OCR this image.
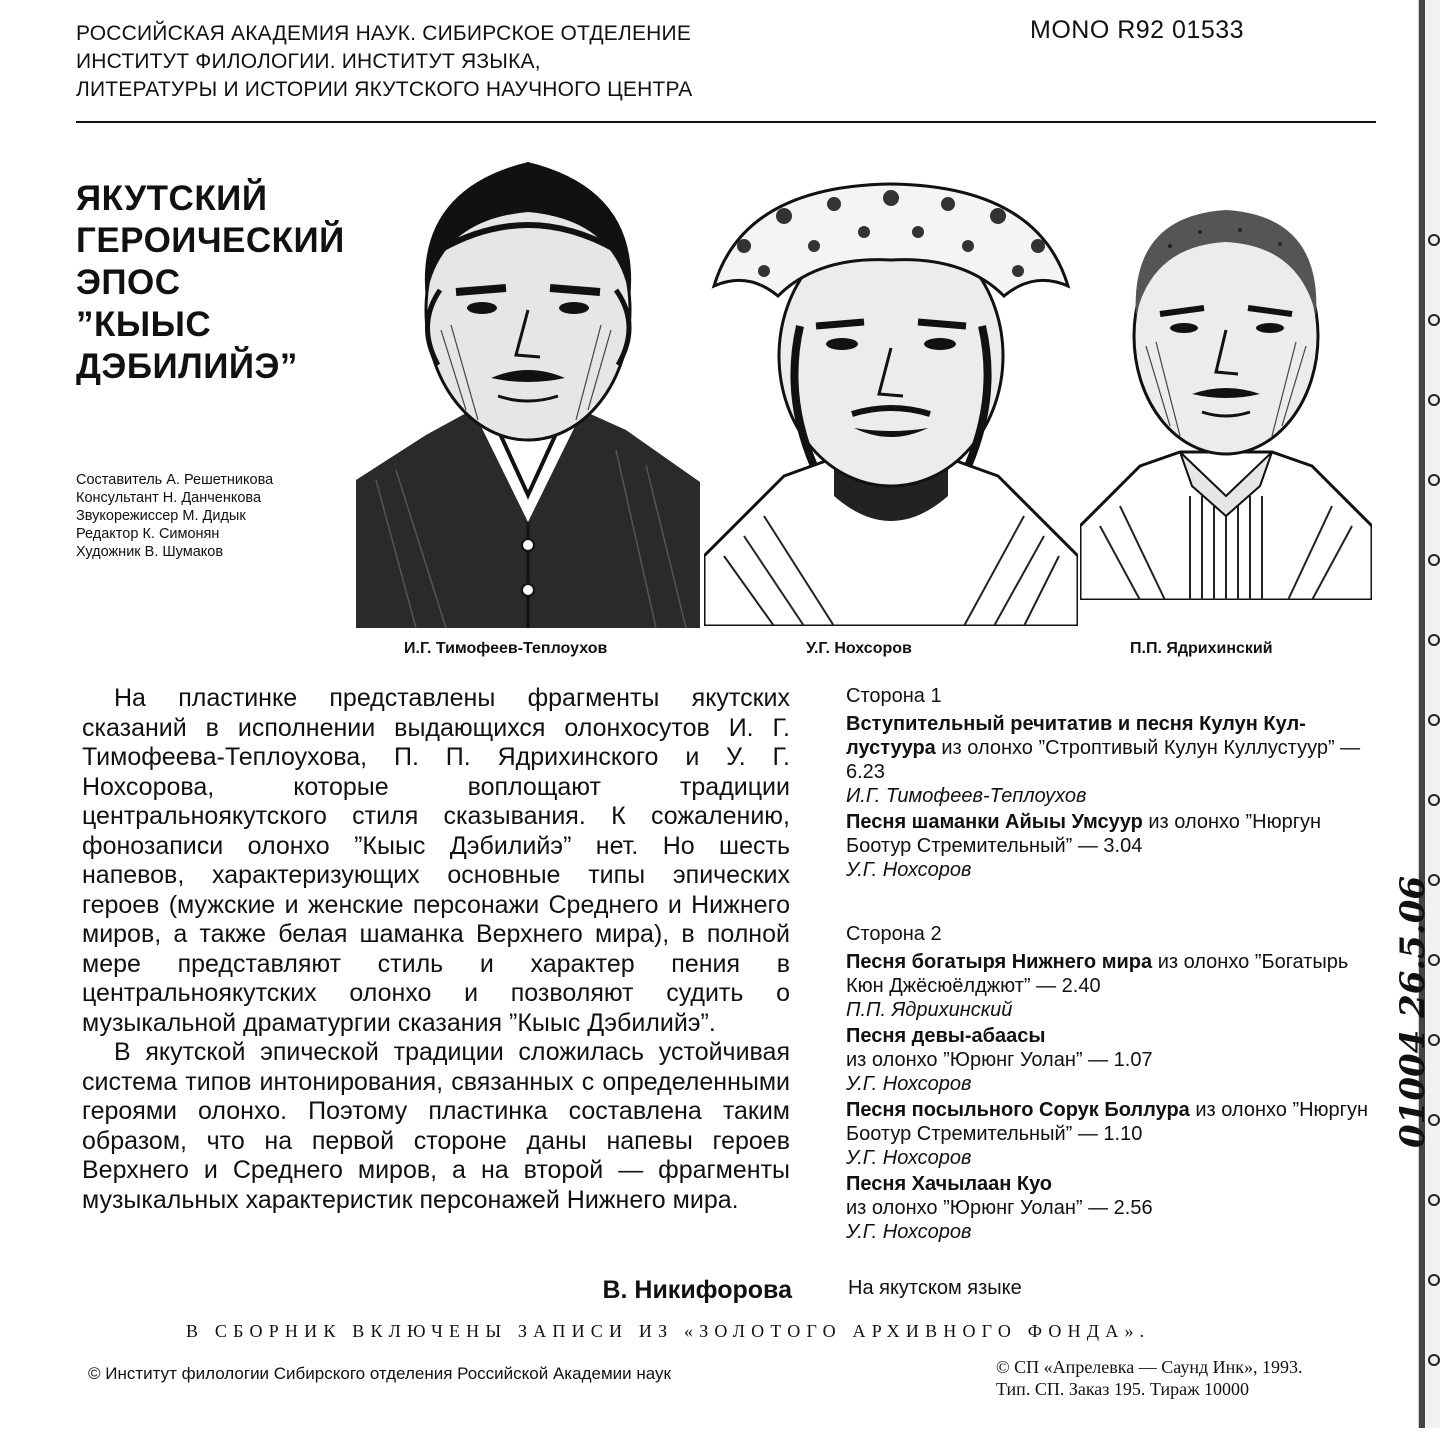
РОССИЙСКАЯ АКАДЕМИЯ НАУК. СИБИРСКОЕ ОТДЕЛЕНИЕ
ИНСТИТУТ ФИЛОЛОГИИ. ИНСТИТУТ ЯЗЫКА,
ЛИТЕРАТУРЫ И ИСТОРИИ ЯКУТСКОГО НАУЧНОГО ЦЕНТРА
MONO R92 01533
ЯКУТСКИЙ
ГЕРОИЧЕСКИЙ
ЭПОС
”КЫЫС
ДЭБИЛИЙЭ”
Составитель А. Решетникова
Консультант Н. Данченкова
Звукорежиссер М. Дидык
Редактор К. Симонян
Художник В. Шумаков
И.Г. Тимофеев-Теплоухов	У.Г. Нохсоров	П.П. Ядрихинский

На пластинке представлены фрагменты якутских сказаний в исполнении выдающихся олонхосутов И. Г. Тимофеева-Теплоухова, П. П. Ядрихинского и У. Г. Нохсорова, которые воплощают традиции центральноякутского стиля сказывания. К сожалению, фонозаписи олонхо ”Кыыс Дэбилийэ” нет. Но шесть напевов, характеризующих основные типы эпических героев (мужские и женские персонажи Среднего и Нижнего миров, а также белая шаманка Верхнего мира), в полной мере представляют стиль и характер пения в центральноякутских олонхо и позволяют судить о музыкальной драматургии сказания ”Кыыс Дэбилийэ”.

В якутской эпической традиции сложилась устойчивая система типов интонирования, связанных с определенными героями олонхо. Поэтому пластинка составлена таким образом, что на первой стороне даны напевы героев Верхнего и Среднего миров, а на второй — фрагменты музыкальных характеристик персонажей Нижнего мира.

В. Никифорова
Сторона 1
Вступительный речитатив и песня Кулун Куллустуура из олонхо ”Строптивый Кулун Куллустуур” — 6.23
И.Г. Тимофеев-Теплоухов
Песня шаманки Айыы Умсуур из олонхо ”Нюргун Боотур Стремительный” — 3.04
У.Г. Нохсоров
Сторона 2
Песня богатыря Нижнего мира из олонхо ”Богатырь Кюн Джёсюёлджют” — 2.40
П.П. Ядрихинский
Песня девы-абаасы
из олонхо ”Юрюнг Уолан” — 1.07
У.Г. Нохсоров
Песня посыльного Сорук Боллура из олонхо ”Нюргун Боотур Стремительный” — 1.10
У.Г. Нохсоров
Песня Хачылаан Куо
из олонхо ”Юрюнг Уолан” — 2.56
У.Г. Нохсоров
На якутском языке
В СБОРНИК ВКЛЮЧЕНЫ ЗАПИСИ ИЗ «ЗОЛОТОГО АРХИВНОГО ФОНДА».
© Институт филологии Сибирского отделения Российской Академии наук	© СП «Апрелевка — Саунд Инк», 1993.
Тип. СП. Заказ 195. Тираж 10000
01004 26.5.06
